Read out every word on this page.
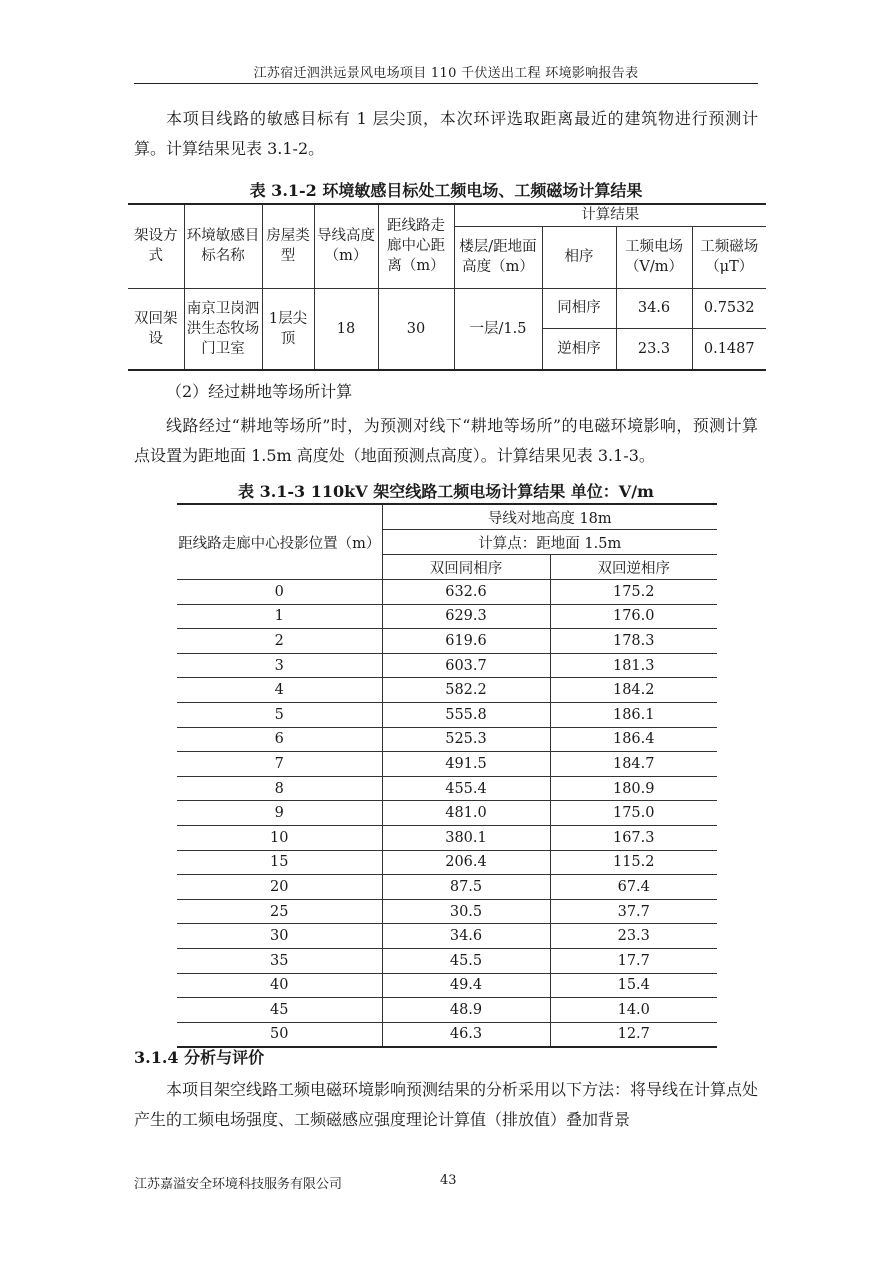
江苏宿迁泗洪远景风电场项目 110 千伏送出工程 环境影响报告表
本项目线路的敏感目标有 1 层尖顶，本次环评选取距离最近的建筑物进行预测计算。计算结果见表 3.1-2。
表 3.1-2 环境敏感目标处工频电场、工频磁场计算结果
架设方式	环境敏感目标名称	房屋类型	导线高度（m）	距线路走廊中心距离（m）	计算结果			
					楼层/距地面高度（m）	相序	工频电场（V/m）	工频磁场（μT）
双回架设	南京卫岗泗洪生态牧场门卫室	1层尖顶	18	30	一层/1.5	同相序	34.6	0.7532
						逆相序	23.3	0.1487
（2）经过耕地等场所计算
线路经过“耕地等场所”时，为预测对线下“耕地等场所”的电磁环境影响，预测计算点设置为距地面 1.5m 高度处（地面预测点高度）。计算结果见表 3.1-3。
表 3.1-3 110kV 架空线路工频电场计算结果 单位：V/m
距线路走廊中心投影位置（m）	导线对地高度 18m	
	计算点：距地面 1.5m	
	双回同相序	双回逆相序
0	632.6	175.2
1	629.3	176.0
2	619.6	178.3
3	603.7	181.3
4	582.2	184.2
5	555.8	186.1
6	525.3	186.4
7	491.5	184.7
8	455.4	180.9
9	481.0	175.0
10	380.1	167.3
15	206.4	115.2
20	87.5	67.4
25	30.5	37.7
30	34.6	23.3
35	45.5	17.7
40	49.4	15.4
45	48.9	14.0
50	46.3	12.7
3.1.4 分析与评价
本项目架空线路工频电磁环境影响预测结果的分析采用以下方法：将导线在计算点处产生的工频电场强度、工频磁感应强度理论计算值（排放值）叠加背景
江苏嘉溢安全环境科技服务有限公司	43
